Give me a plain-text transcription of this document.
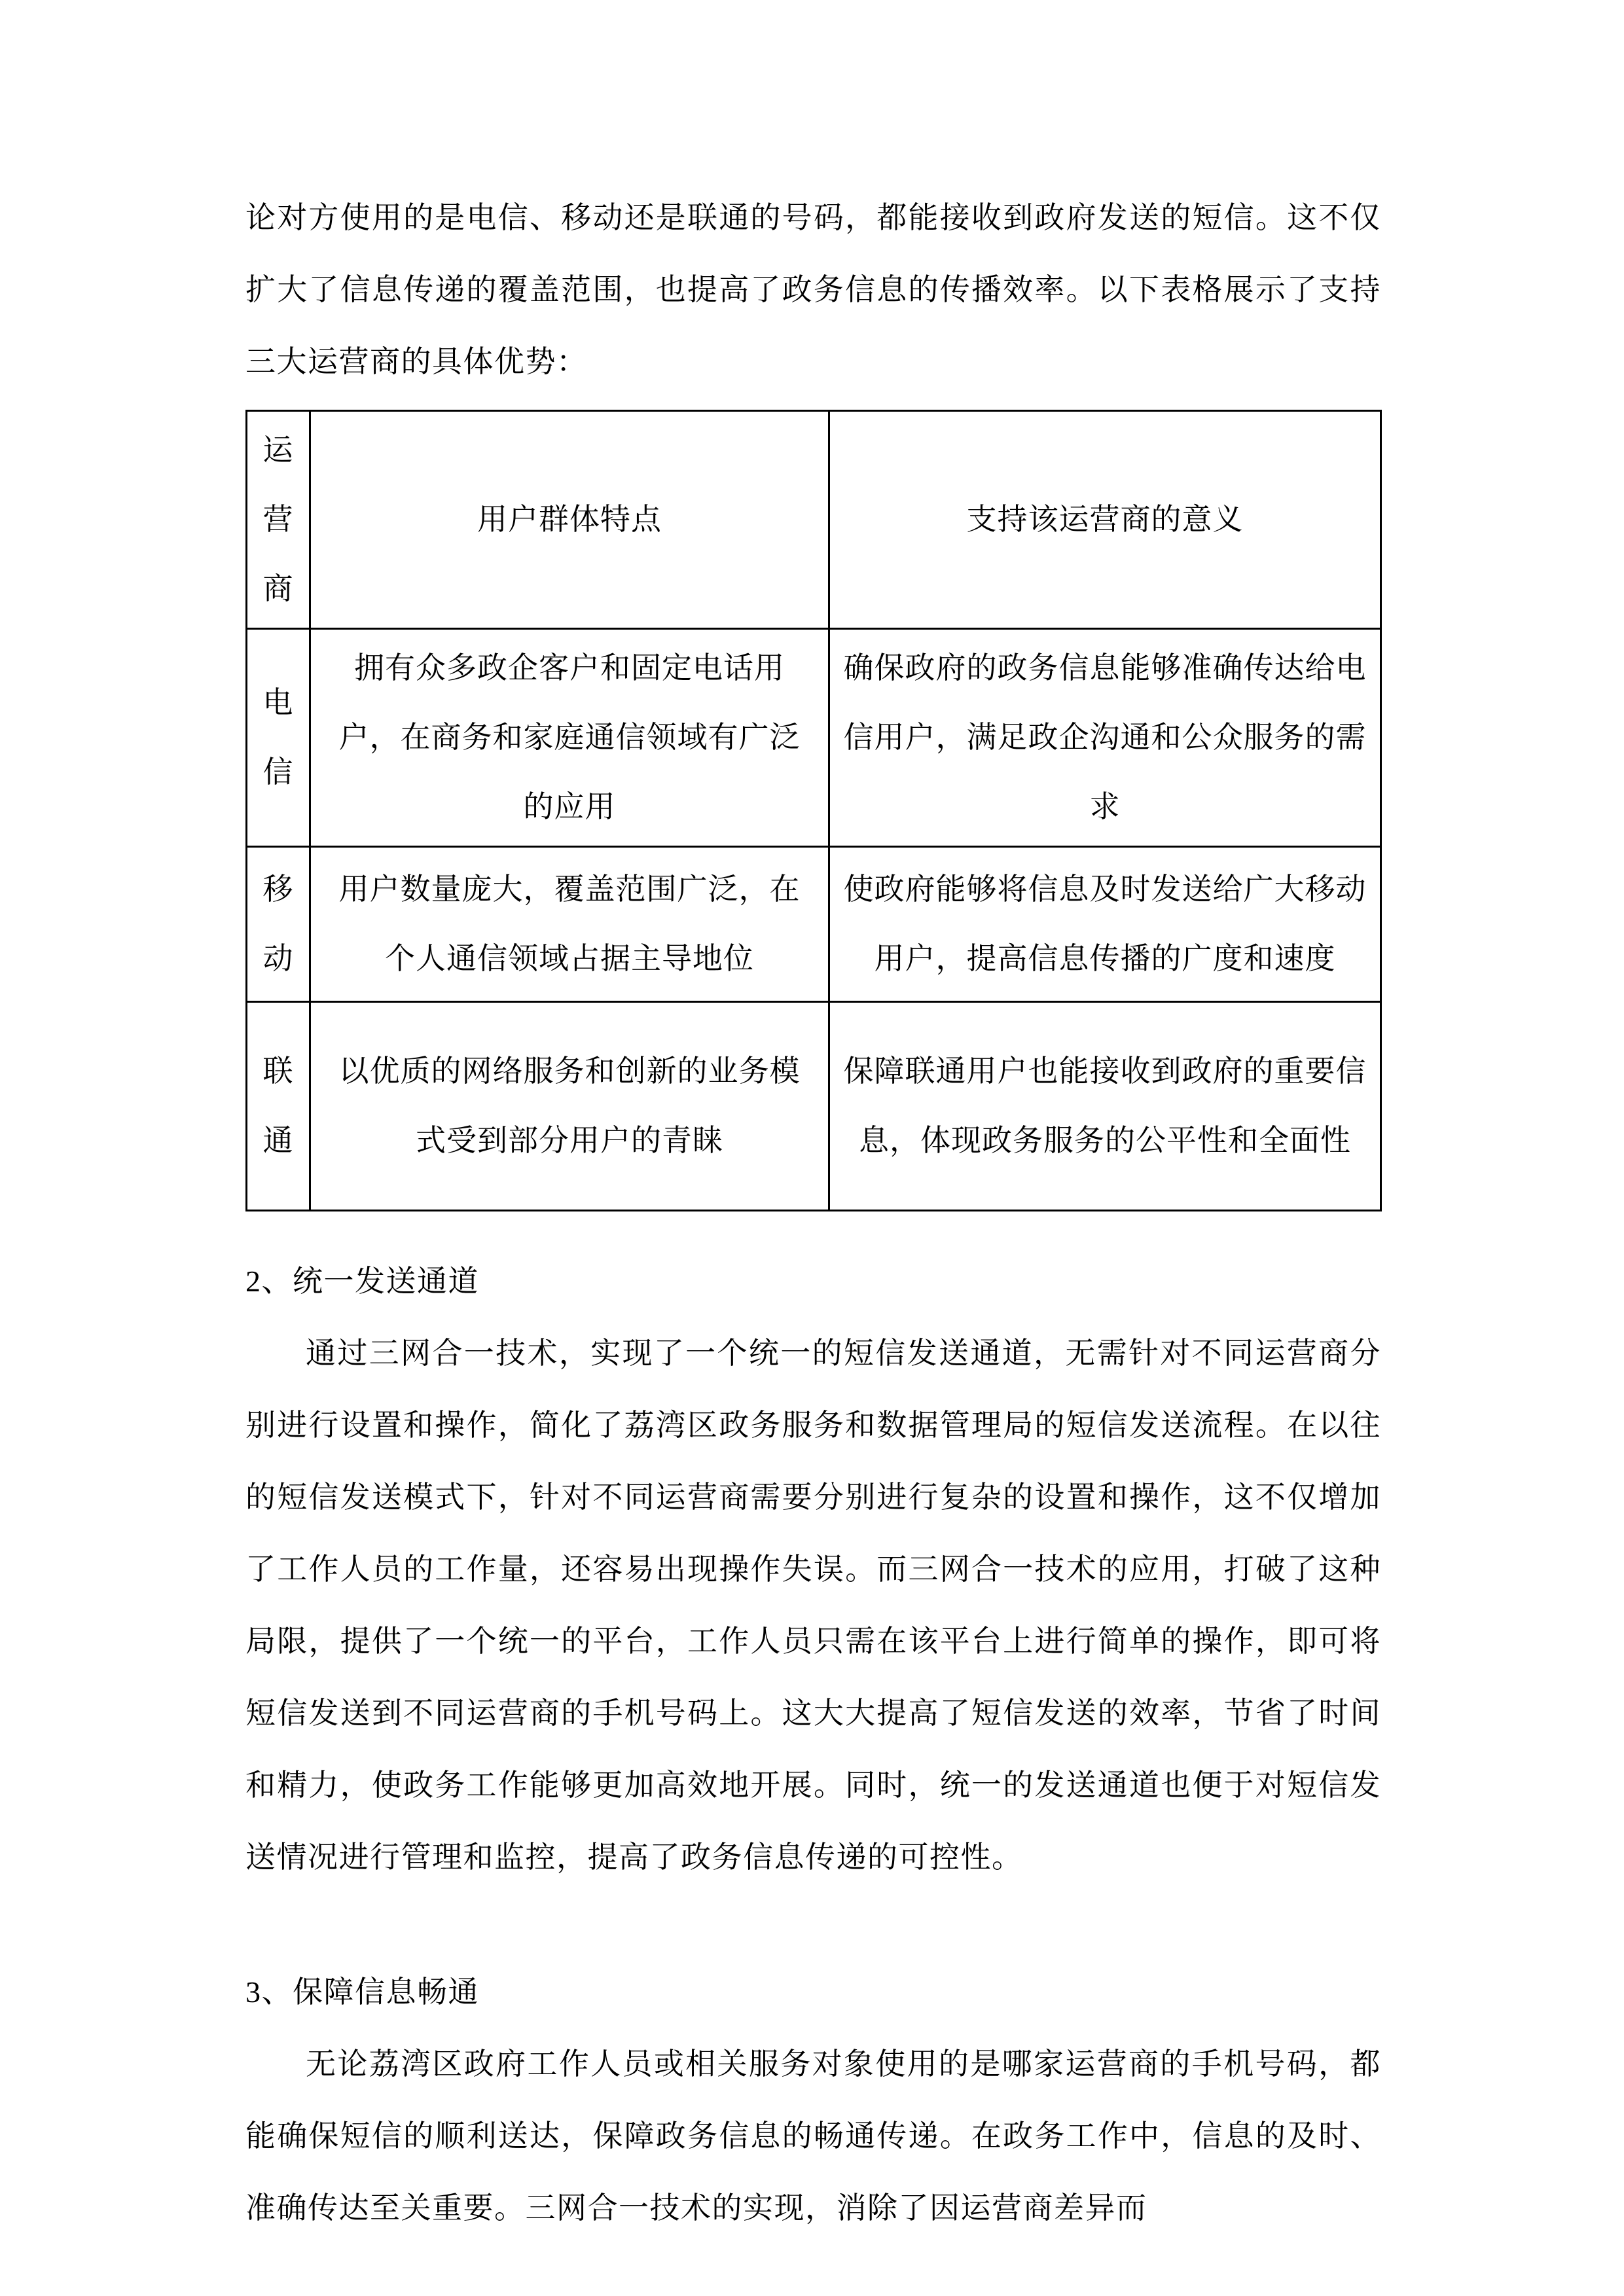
论对方使用的是电信、移动还是联通的号码，都能接收到政府发送的短信。这不仅扩大了信息传递的覆盖范围，也提高了政务信息的传播效率。以下表格展示了支持三大运营商的具体优势：

运营商	用户群体特点	支持该运营商的意义
电信	拥有众多政企客户和固定电话用户，在商务和家庭通信领域有广泛的应用	确保政府的政务信息能够准确传达给电信用户，满足政企沟通和公众服务的需求
移动	用户数量庞大，覆盖范围广泛，在个人通信领域占据主导地位	使政府能够将信息及时发送给广大移动用户，提高信息传播的广度和速度
联通	以优质的网络服务和创新的业务模式受到部分用户的青睐	保障联通用户也能接收到政府的重要信息，体现政务服务的公平性和全面性

2、统一发送通道

通过三网合一技术，实现了一个统一的短信发送通道，无需针对不同运营商分别进行设置和操作，简化了荔湾区政务服务和数据管理局的短信发送流程。在以往的短信发送模式下，针对不同运营商需要分别进行复杂的设置和操作，这不仅增加了工作人员的工作量，还容易出现操作失误。而三网合一技术的应用，打破了这种局限，提供了一个统一的平台，工作人员只需在该平台上进行简单的操作，即可将短信发送到不同运营商的手机号码上。这大大提高了短信发送的效率，节省了时间和精力，使政务工作能够更加高效地开展。同时，统一的发送通道也便于对短信发送情况进行管理和监控，提高了政务信息传递的可控性。

3、保障信息畅通

无论荔湾区政府工作人员或相关服务对象使用的是哪家运营商的手机号码，都能确保短信的顺利送达，保障政务信息的畅通传递。在政务工作中，信息的及时、准确传达至关重要。三网合一技术的实现，消除了因运营商差异而
